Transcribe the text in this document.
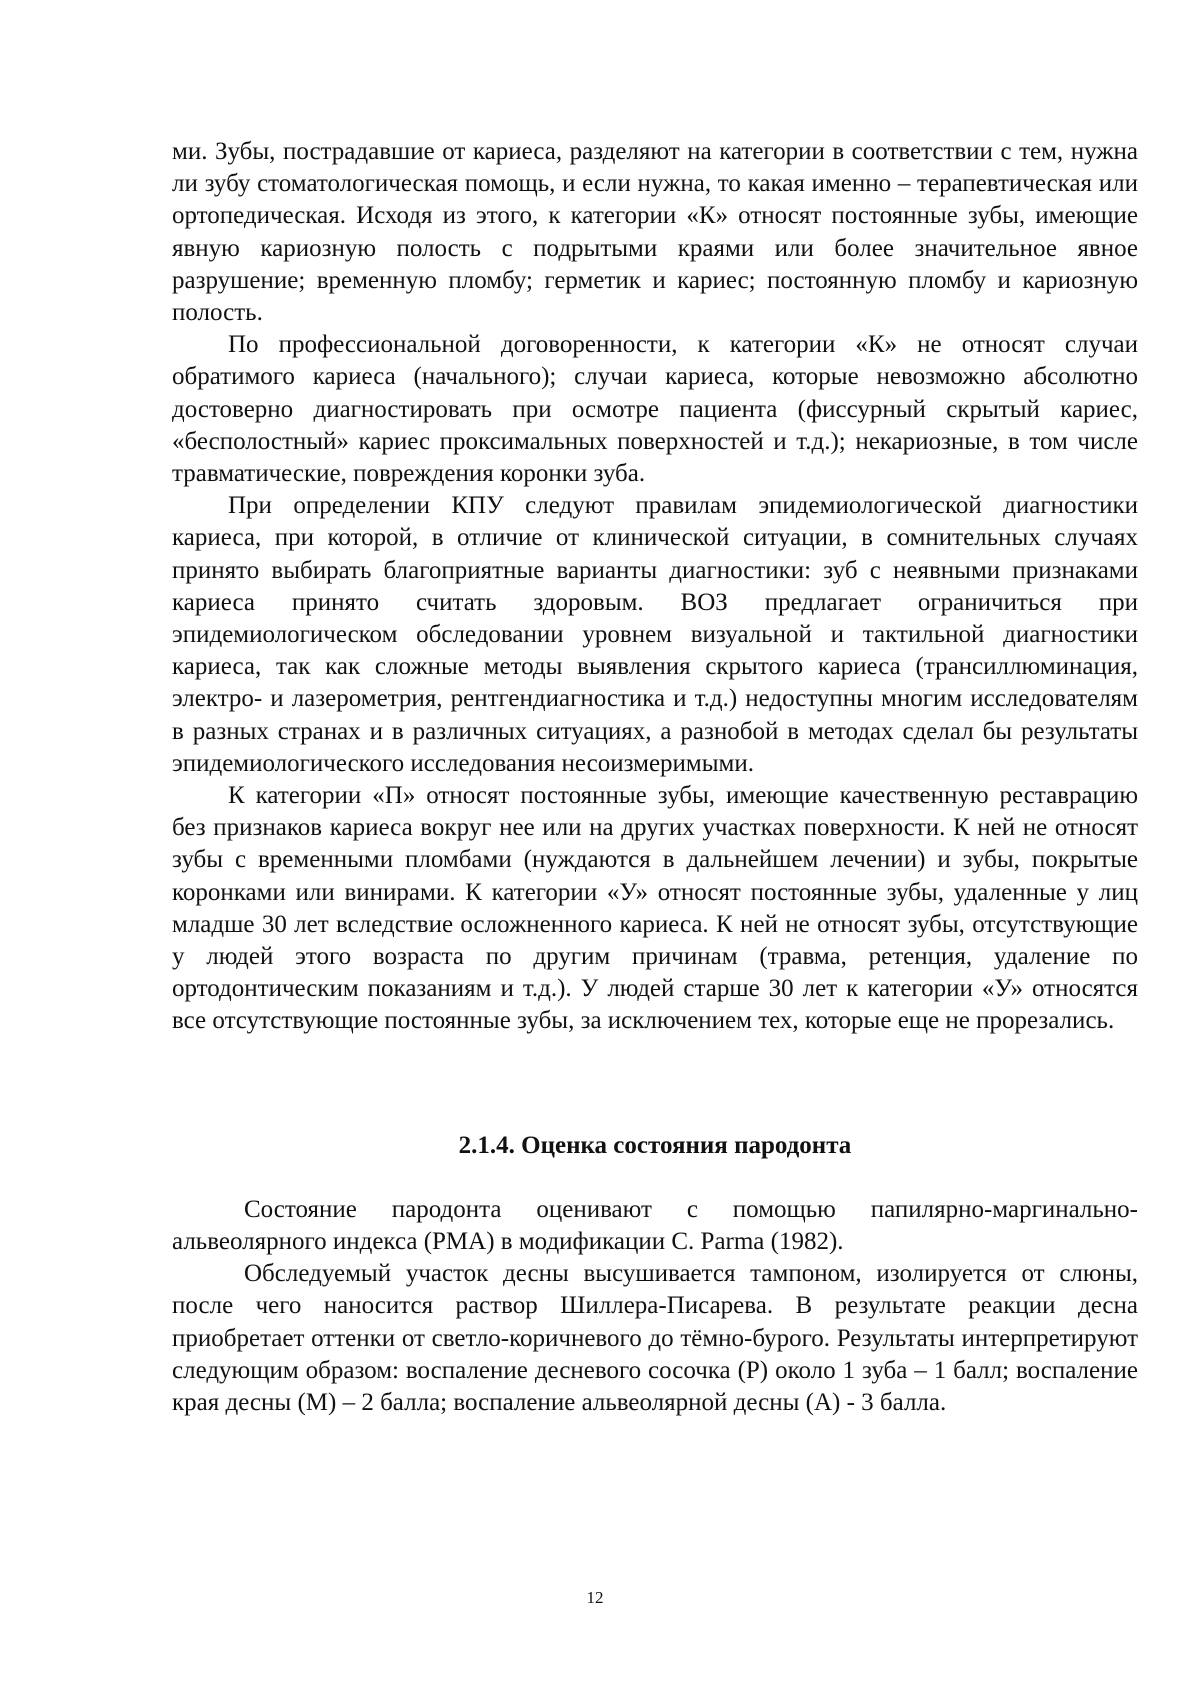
ми. Зубы, пострадавшие от кариеса, разделяют на категории в соответствии с тем, нужна ли зубу стоматологическая помощь, и если нужна, то какая именно – терапевтическая или ортопедическая. Исходя из этого, к категории «К» относят постоянные зубы, имеющие явную кариозную полость с подрытыми краями или более значительное явное разрушение; временную пломбу; герметик и кариес; постоянную пломбу и кариозную полость.

По профессиональной договоренности, к категории «К» не относят случаи обратимого кариеса (начального); случаи кариеса, которые невозможно абсолютно достоверно диагностировать при осмотре пациента (фиссурный скрытый кариес, «бесполостный» кариес проксимальных поверхностей и т.д.); некариозные, в том числе травматические, повреждения коронки зуба.

При определении КПУ следуют правилам эпидемиологической диагностики кариеса, при которой, в отличие от клинической ситуации, в сомнительных случаях принято выбирать благоприятные варианты диагностики: зуб с неявными признаками кариеса принято считать здоровым. ВОЗ предлагает ограничиться при эпидемиологическом обследовании уровнем визуальной и тактильной диагностики кариеса, так как сложные методы выявления скрытого кариеса (трансиллюминация, электро- и лазерометрия, рентгендиагностика и т.д.) недоступны многим исследователям в разных странах и в различных ситуациях, а разнобой в методах сделал бы результаты эпидемиологического исследования несоизмеримыми.

К категории «П» относят постоянные зубы, имеющие качественную реставрацию без признаков кариеса вокруг нее или на других участках поверхности. К ней не относят зубы с временными пломбами (нуждаются в дальнейшем лечении) и зубы, покрытые коронками или винирами. К категории «У» относят постоянные зубы, удаленные у лиц младше 30 лет вследствие осложненного кариеса. К ней не относят зубы, отсутствующие у людей этого возраста по другим причинам (травма, ретенция, удаление по ортодонтическим показаниям и т.д.). У людей старше 30 лет к категории «У» относятся все отсутствующие постоянные зубы, за исключением тех, которые еще не прорезались.

2.1.4. Оценка состояния пародонта

Состояние пародонта оценивают с помощью папилярно-маргинально-альвеолярного индекса (РМА) в модификации С. Parma (1982).

Обследуемый участок десны высушивается тампоном, изолируется от слюны, после чего наносится раствор Шиллера-Писарева. В результате реакции десна приобретает оттенки от светло-коричневого до тёмно-бурого. Результаты интерпретируют следующим образом: воспаление десневого сосочка (Р) около 1 зуба – 1 балл; воспаление края десны (М) – 2 балла; воспаление альвеолярной десны (А) - 3 балла.

12
